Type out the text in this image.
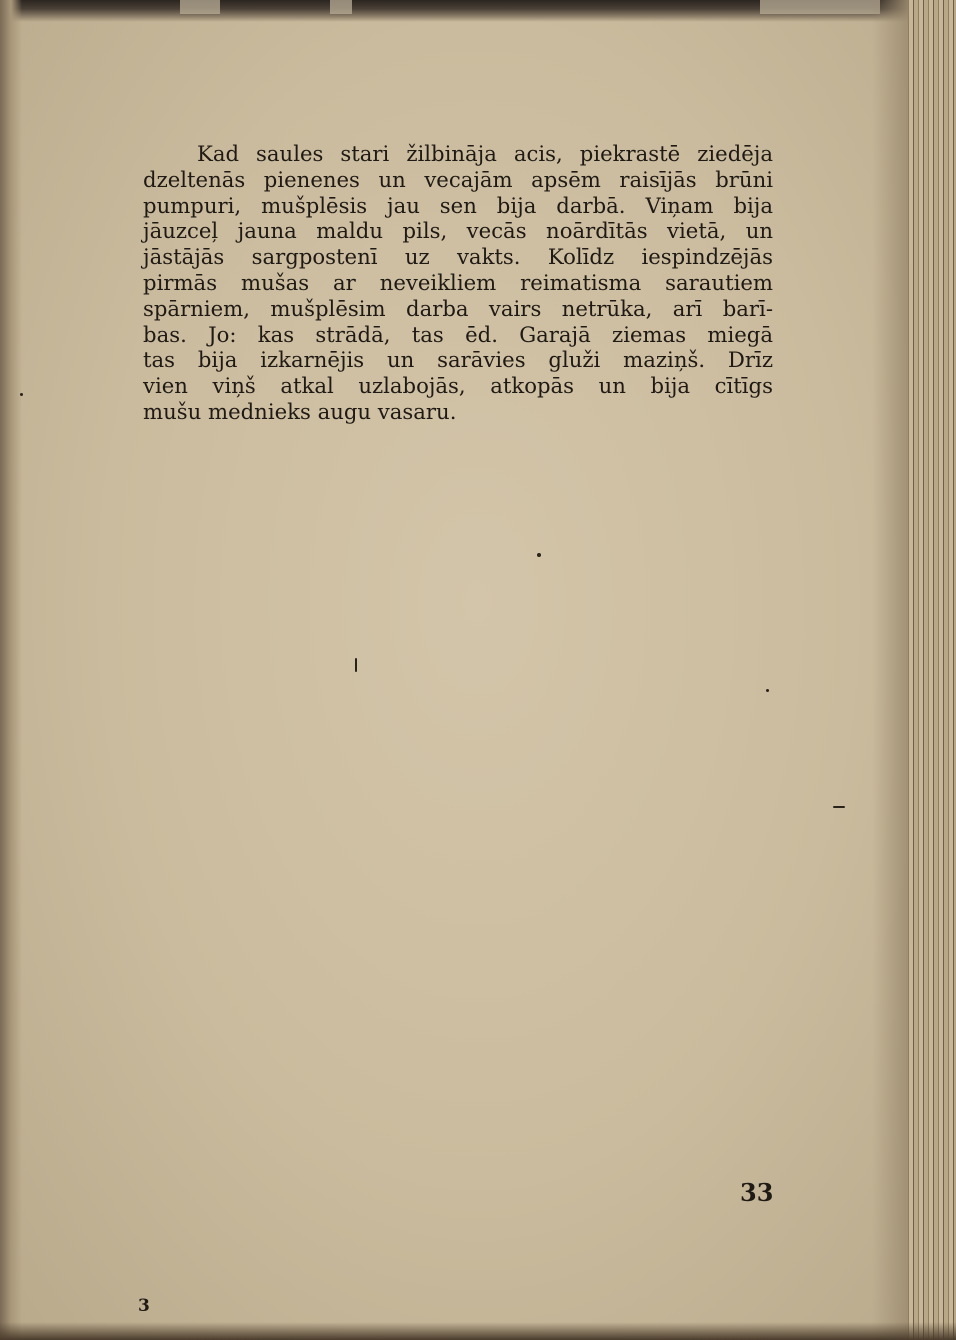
Kad saules stari žilbināja acis, piekrastē ziedēja
dzeltenās pienenes un vecajām apsēm raisījās brūni
pumpuri, mušplēsis jau sen bija darbā. Viņam bija
jāuzceļ jauna maldu pils, vecās noārdītās vietā, un
jāstājās sargpostenī uz vakts. Kolīdz iespindzējās
pirmās mušas ar neveikliem reimatisma sarautiem
spārniem, mušplēsim darba vairs netrūka, arī barī-
bas. Jo: kas strādā, tas ēd. Garajā ziemas miegā
tas bija izkarnējis un sarāvies gluži maziņš. Drīz
vien viņš atkal uzlabojās, atkopās un bija cītīgs
mušu mednieks augu vasaru.

33
3
